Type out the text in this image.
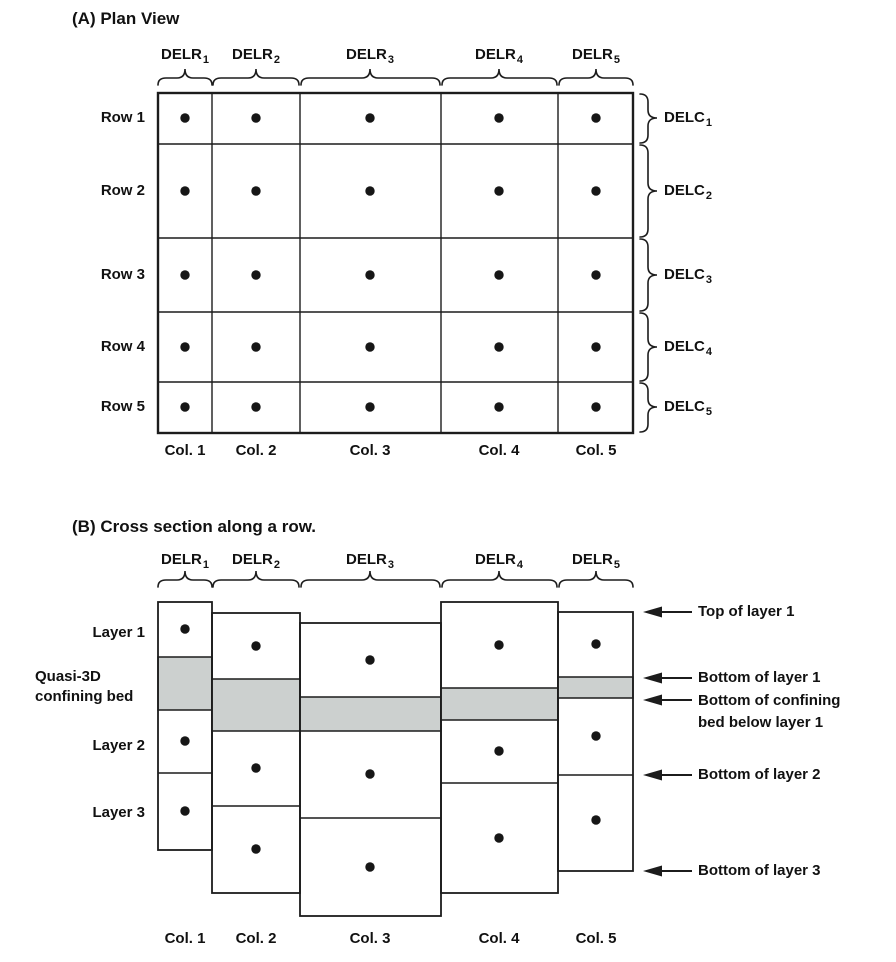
(A) Plan View
$DELR_1$	$DELR_2$	$DELR_3$	$DELR_4$	$DELR_5$
Row 1
Row 2
Row 3
Row 4
Row 5
$DELC_1$
$DELC_2$
$DELC_3$
$DELC_4$
$DELC_5$
Col. 1	Col. 2	Col. 3	Col. 4	Col. 5
(B) Cross section along a row.
$DELR_1$	$DELR_2$	$DELR_3$	$DELR_4$	$DELR_5$
Layer 1
Quasi-3D
confining bed
Layer 2
Layer 3
Top of layer 1
Bottom of layer 1
Bottom of confining
bed below layer 1
Bottom of layer 2
Bottom of layer 3
Col. 1	Col. 2	Col. 3	Col. 4	Col. 5
